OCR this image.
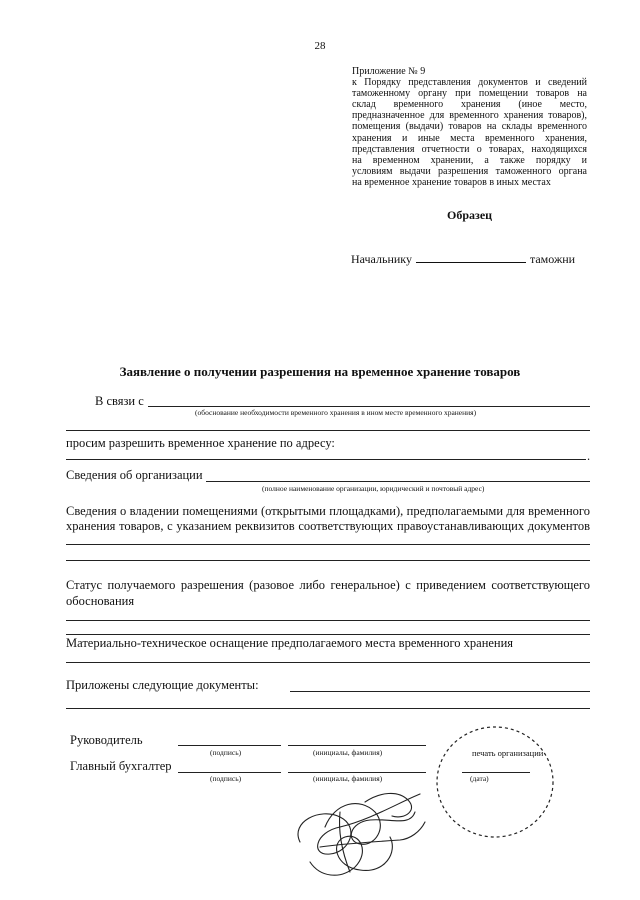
28
Приложение № 9
к Порядку представления документов и сведений
таможенному органу при помещении товаров на
склад временного хранения (иное место,
предназначенное для временного хранения товаров),
помещения (выдачи) товаров на склады временного
хранения и иные места временного хранения,
представления отчетности о товарах, находящихся
на временном хранении, а также порядку и
условиям выдачи разрешения таможенного органа
на временное хранение товаров в иных местах
Образец
Начальнику	таможни
Заявление о получении разрешения на временное хранение товаров
В связи с
(обоснование необходимости временного хранения в ином месте временного хранения)
просим разрешить временное хранение по адресу:
.
Сведения об организации
(полное наименование организации, юридический и почтовый адрес)
Сведения о владении помещениями (открытыми площадками), предполагаемыми для временного
хранения товаров, с указанием реквизитов соответствующих правоустанавливающих документов
Статус получаемого разрешения (разовое либо генеральное) с приведением соответствующего
обоснования
Материально-техническое оснащение предполагаемого места временного хранения
Приложены следующие документы:
Руководитель
(подпись)	(инициалы, фамилия)
Главный бухгалтер
(подпись)	(инициалы, фамилия)
печать организации
(дата)
